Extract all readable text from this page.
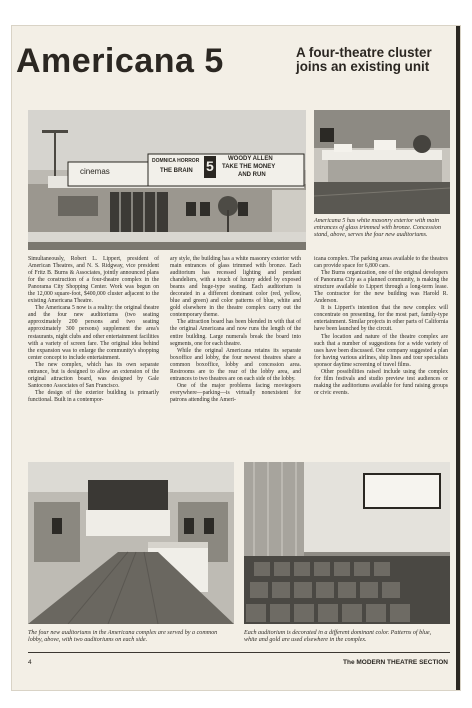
Americana 5	A four-theatre cluster joins an existing unit
cinemas
DOMNICA HORROR
THE BRAIN 5 WOODY ALLEN
TAKE THE MONEY
AND RUN
Americana 5 has white masonry exterior with main entrances of glass trimmed with bronze. Concession stand, above, serves the four new auditoriums.

Simultaneously, Robert L. Lippert, president of American Theatres, and N. S. Ridgway, vice president of Fritz B. Burns & Associates, jointly announced plans for the construction of a four-theatre complex in the Panorama City Shopping Center. Work was begun on the 12,000 square-foot, $400,000 cluster adjacent to the existing Americana Theatre.

The Americana 5 now is a reality: the original theatre and the four new auditoriums (two seating approximately 200 persons and two seating approximately 300 persons) supplement the area's restaurants, night clubs and other entertainment facilities with a variety of screen fare. The original idea behind the expansion was to enlarge the community's shopping center concept to include entertainment.

The new complex, which has its own separate entrance, but is designed to allow an extension of the original attraction board, was designed by Gale Santocono Associates of San Francisco.

The design of the exterior building is primarily functional. Built in a contempor-

ary style, the building has a white masonry exterior with main entrances of glass trimmed with bronze. Each auditorium has recessed lighting and pendant chandeliers, with a touch of luxury added by exposed beams and huge-type seating. Each auditorium is decorated in a different dominant color (red, yellow, blue and green) and color patterns of blue, white and gold elsewhere in the theatre complex carry out the contemporary theme.

The attraction board has been blended in with that of the original Americana and now runs the length of the entire building. Large numerals break the board into segments, one for each theatre.

While the original Americana retains its separate boxoffice and lobby, the four newest theatres share a common boxoffice, lobby and concession area. Restrooms are to the rear of the lobby area, and entrances to two theatres are on each side of the lobby.

One of the major problems facing moviegoers everywhere—parking—is virtually nonexistent for patrons attending the Ameri-

icana complex. The parking areas available to the theatres can provide space for 6,800 cars.

The Burns organization, one of the original developers of Panorama City as a planned community, is making the structure available to Lippert through a long-term lease. The contractor for the new building was Harold R. Anderson.

It is Lippert's intention that the new complex will concentrate on presenting, for the most part, family-type entertainment. Similar projects in other parts of California have been launched by the circuit.

The location and nature of the theatre complex are such that a number of suggestions for a wide variety of uses have been discussed. One company suggested a plan for having various airlines, ship lines and tour specialists sponsor daytime screening of travel films.

Other possibilities raised include using the complex for film festivals and studio preview test audiences or making the auditoriums available for fund raising groups or civic events.

The four new auditoriums in the Americana complex are served by a common lobby, above, with two auditoriums on each side.
Each auditorium is decorated in a different dominant color. Patterns of blue, white and gold are used elsewhere in the complex.
4	The MODERN THEATRE SECTION
